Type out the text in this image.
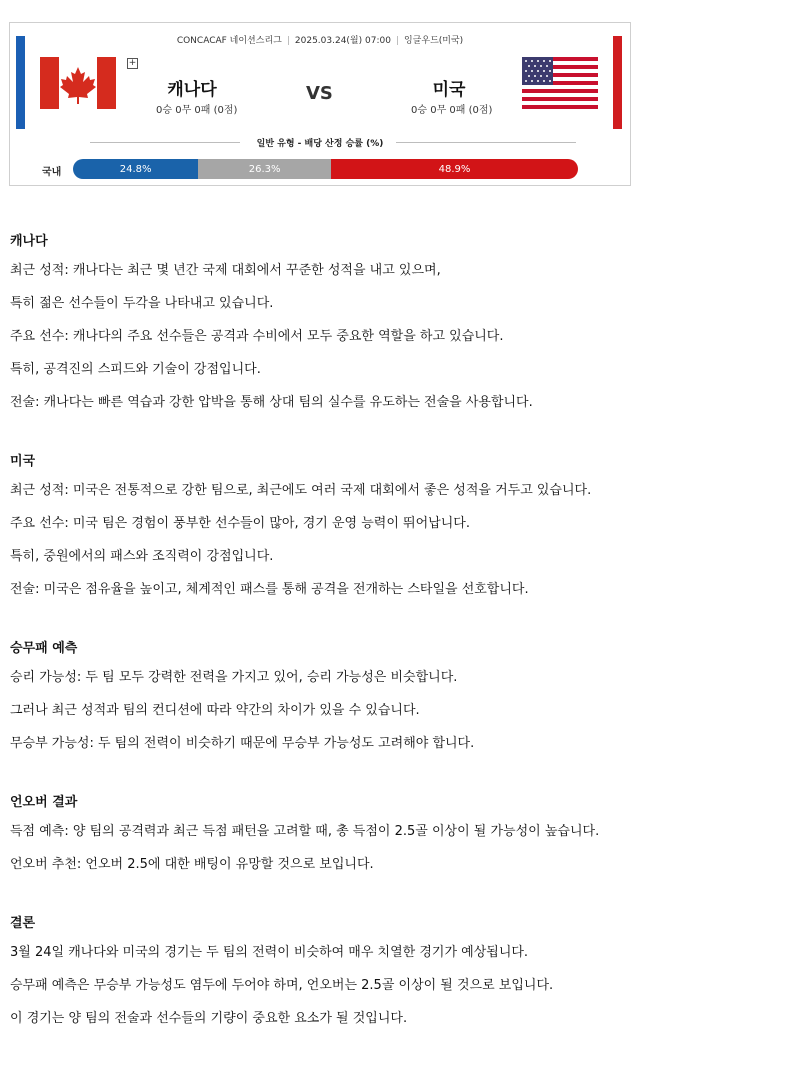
CONCACAF 네이션스리그 | 2025.03.24(월) 07:00 | 잉글우드(미국)
+
캐나다
0승 0무 0패 (0점)
VS	미국
0승 0무 0패 (0점)
일반 유형 - 배당 산정 승률 (%)
국내	24.8%	26.3%	48.9%
캐나다
최근 성적: 캐나다는 최근 몇 년간 국제 대회에서 꾸준한 성적을 내고 있으며,
특히 젊은 선수들이 두각을 나타내고 있습니다.
주요 선수: 캐나다의 주요 선수들은 공격과 수비에서 모두 중요한 역할을 하고 있습니다.
특히, 공격진의 스피드와 기술이 강점입니다.
전술: 캐나다는 빠른 역습과 강한 압박을 통해 상대 팀의 실수를 유도하는 전술을 사용합니다.
미국
최근 성적: 미국은 전통적으로 강한 팀으로, 최근에도 여러 국제 대회에서 좋은 성적을 거두고 있습니다.
주요 선수: 미국 팀은 경험이 풍부한 선수들이 많아, 경기 운영 능력이 뛰어납니다.
특히, 중원에서의 패스와 조직력이 강점입니다.
전술: 미국은 점유율을 높이고, 체계적인 패스를 통해 공격을 전개하는 스타일을 선호합니다.
승무패 예측
승리 가능성: 두 팀 모두 강력한 전력을 가지고 있어, 승리 가능성은 비슷합니다.
그러나 최근 성적과 팀의 컨디션에 따라 약간의 차이가 있을 수 있습니다.
무승부 가능성: 두 팀의 전력이 비슷하기 때문에 무승부 가능성도 고려해야 합니다.
언오버 결과
득점 예측: 양 팀의 공격력과 최근 득점 패턴을 고려할 때, 총 득점이 2.5골 이상이 될 가능성이 높습니다.
언오버 추천: 언오버 2.5에 대한 배팅이 유망할 것으로 보입니다.
결론
3월 24일 캐나다와 미국의 경기는 두 팀의 전력이 비슷하여 매우 치열한 경기가 예상됩니다.
승무패 예측은 무승부 가능성도 염두에 두어야 하며, 언오버는 2.5골 이상이 될 것으로 보입니다.
이 경기는 양 팀의 전술과 선수들의 기량이 중요한 요소가 될 것입니다.
